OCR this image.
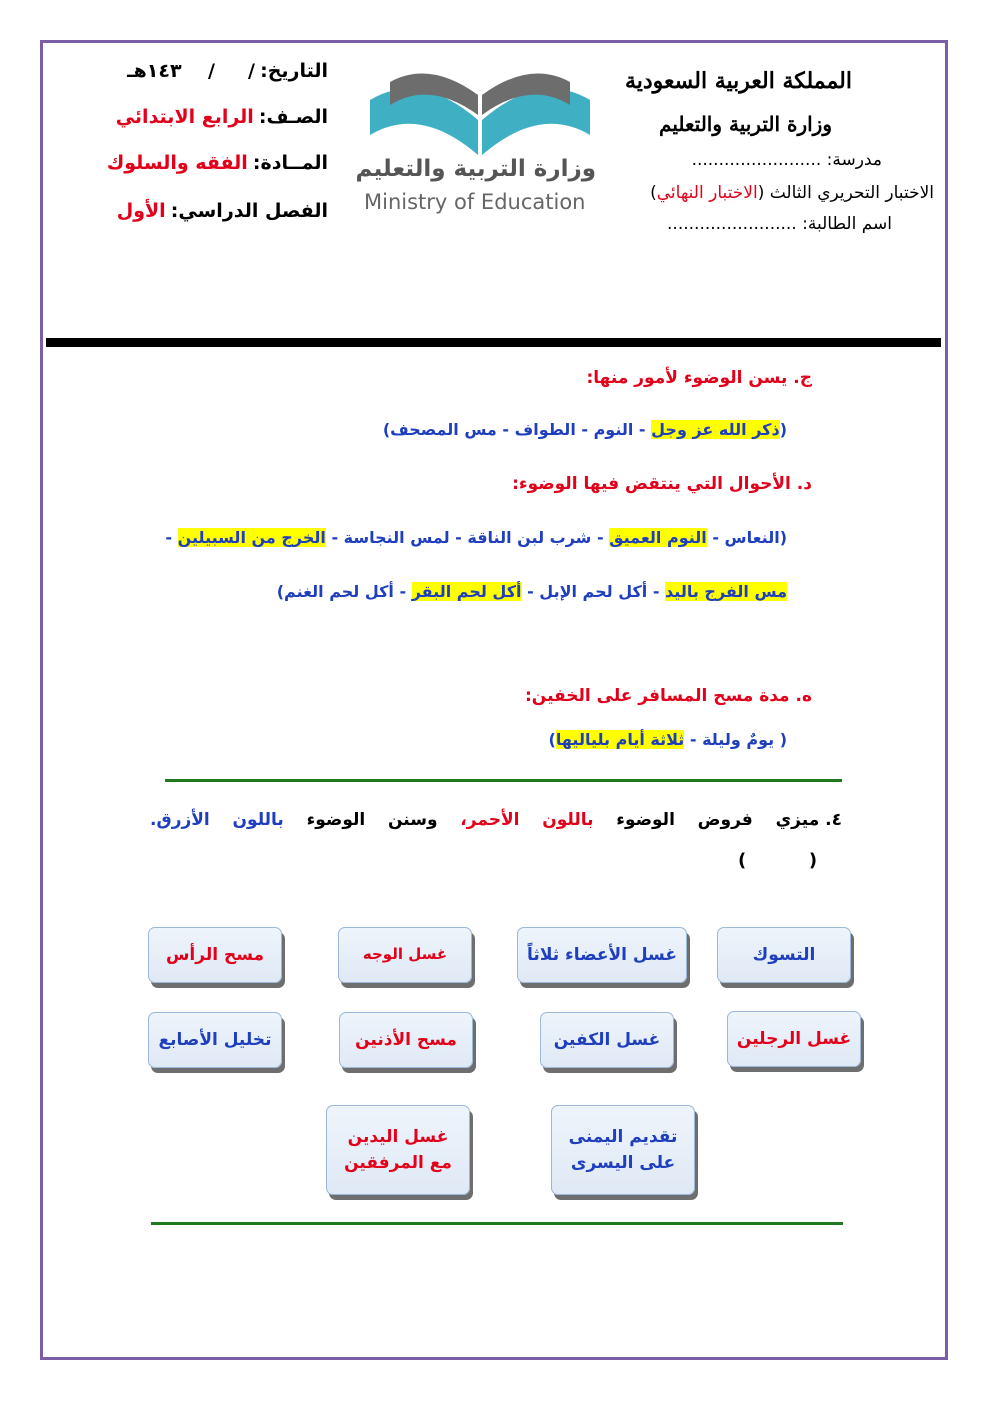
المملكة العربية السعودية
وزارة التربية والتعليم
مدرسة: ........................
الاختبار التحريري الثالث (الاختبار النهائي)
اسم الطالبة: ........................
وزارة التربية والتعليم
Ministry of Education
التاريخ: /     /    ١٤٣هـ
الصـف: الرابع الابتدائي
المــادة: الفقه والسلوك
الفصل الدراسي: الأول
ج. يسن الوضوء لأمور منها:
(ذكر الله عز وجل - النوم - الطواف - مس المصحف)
د. الأحوال التي ينتقض فيها الوضوء:
(النعاس - النوم العميق - شرب لبن الناقة - لمس النجاسة - الخرج من السبيلين -
مس الفرج باليد - أكل لحم الإبل - أكل لحم البقر - أكل لحم الغنم)
ه. مدة مسح المسافر على الخفين:
( يومٌ وليلة - ثلاثة أيام بلياليها)
٤. ميزي
فروض
الوضوء
باللون
الأحمر،
وسنن
الوضوء
باللون
الأزرق.
(          )
التسوك
غسل الأعضاء ثلاثاً
غسل الوجه
مسح الرأس
غسل الرجلين
غسل الكفين
مسح الأذنين
تخليل الأصابع
تقديم اليمنى
على اليسرى
غسل اليدين
مع المرفقين
